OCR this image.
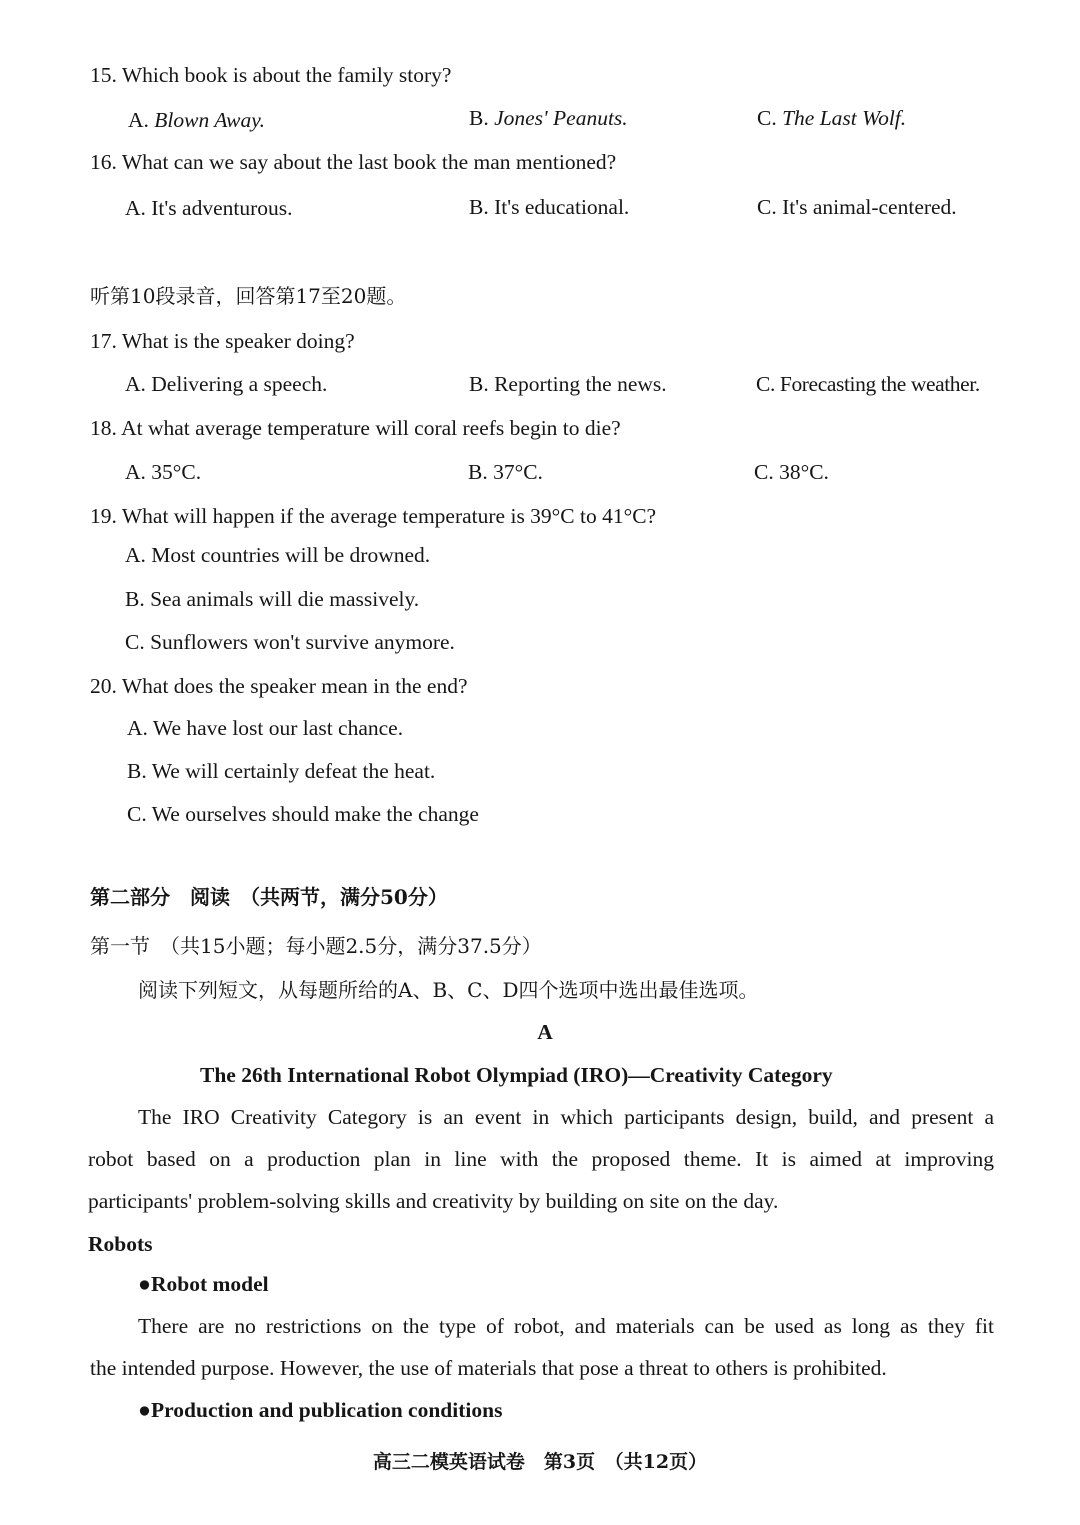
15. Which book is about the family story?
A. Blown Away.	B. Jones' Peanuts.	C. The Last Wolf.
16. What can we say about the last book the man mentioned?
A. It's adventurous.	B. It's educational.	C. It's animal-centered.
听第10段录音，回答第17至20题。
17. What is the speaker doing?
A. Delivering a speech.	B. Reporting the news.	C. Forecasting the weather.
18. At what average temperature will coral reefs begin to die?
A. 35°C.	B. 37°C.	C. 38°C.
19. What will happen if the average temperature is 39°C to 41°C?
A. Most countries will be drowned.
B. Sea animals will die massively.
C. Sunflowers won't survive anymore.
20. What does the speaker mean in the end?
A. We have lost our last chance.
B. We will certainly defeat the heat.
C. We ourselves should make the change
第二部分　阅读　（共两节，满分50分）
第一节　（共15小题；每小题2.5分，满分37.5分）
阅读下列短文，从每题所给的A、B、C、D四个选项中选出最佳选项。
A
The 26th International Robot Olympiad (IRO)—Creativity Category
The IRO Creativity Category is an event in which participants design, build, and present a
robot based on a production plan in line with the proposed theme. It is aimed at improving
participants' problem-solving skills and creativity by building on site on the day.
Robots
●Robot model
There are no restrictions on the type of robot, and materials can be used as long as they fit
the intended purpose. However, the use of materials that pose a threat to others is prohibited.
●Production and publication conditions
高三二模英语试卷　第3页　（共12页）
